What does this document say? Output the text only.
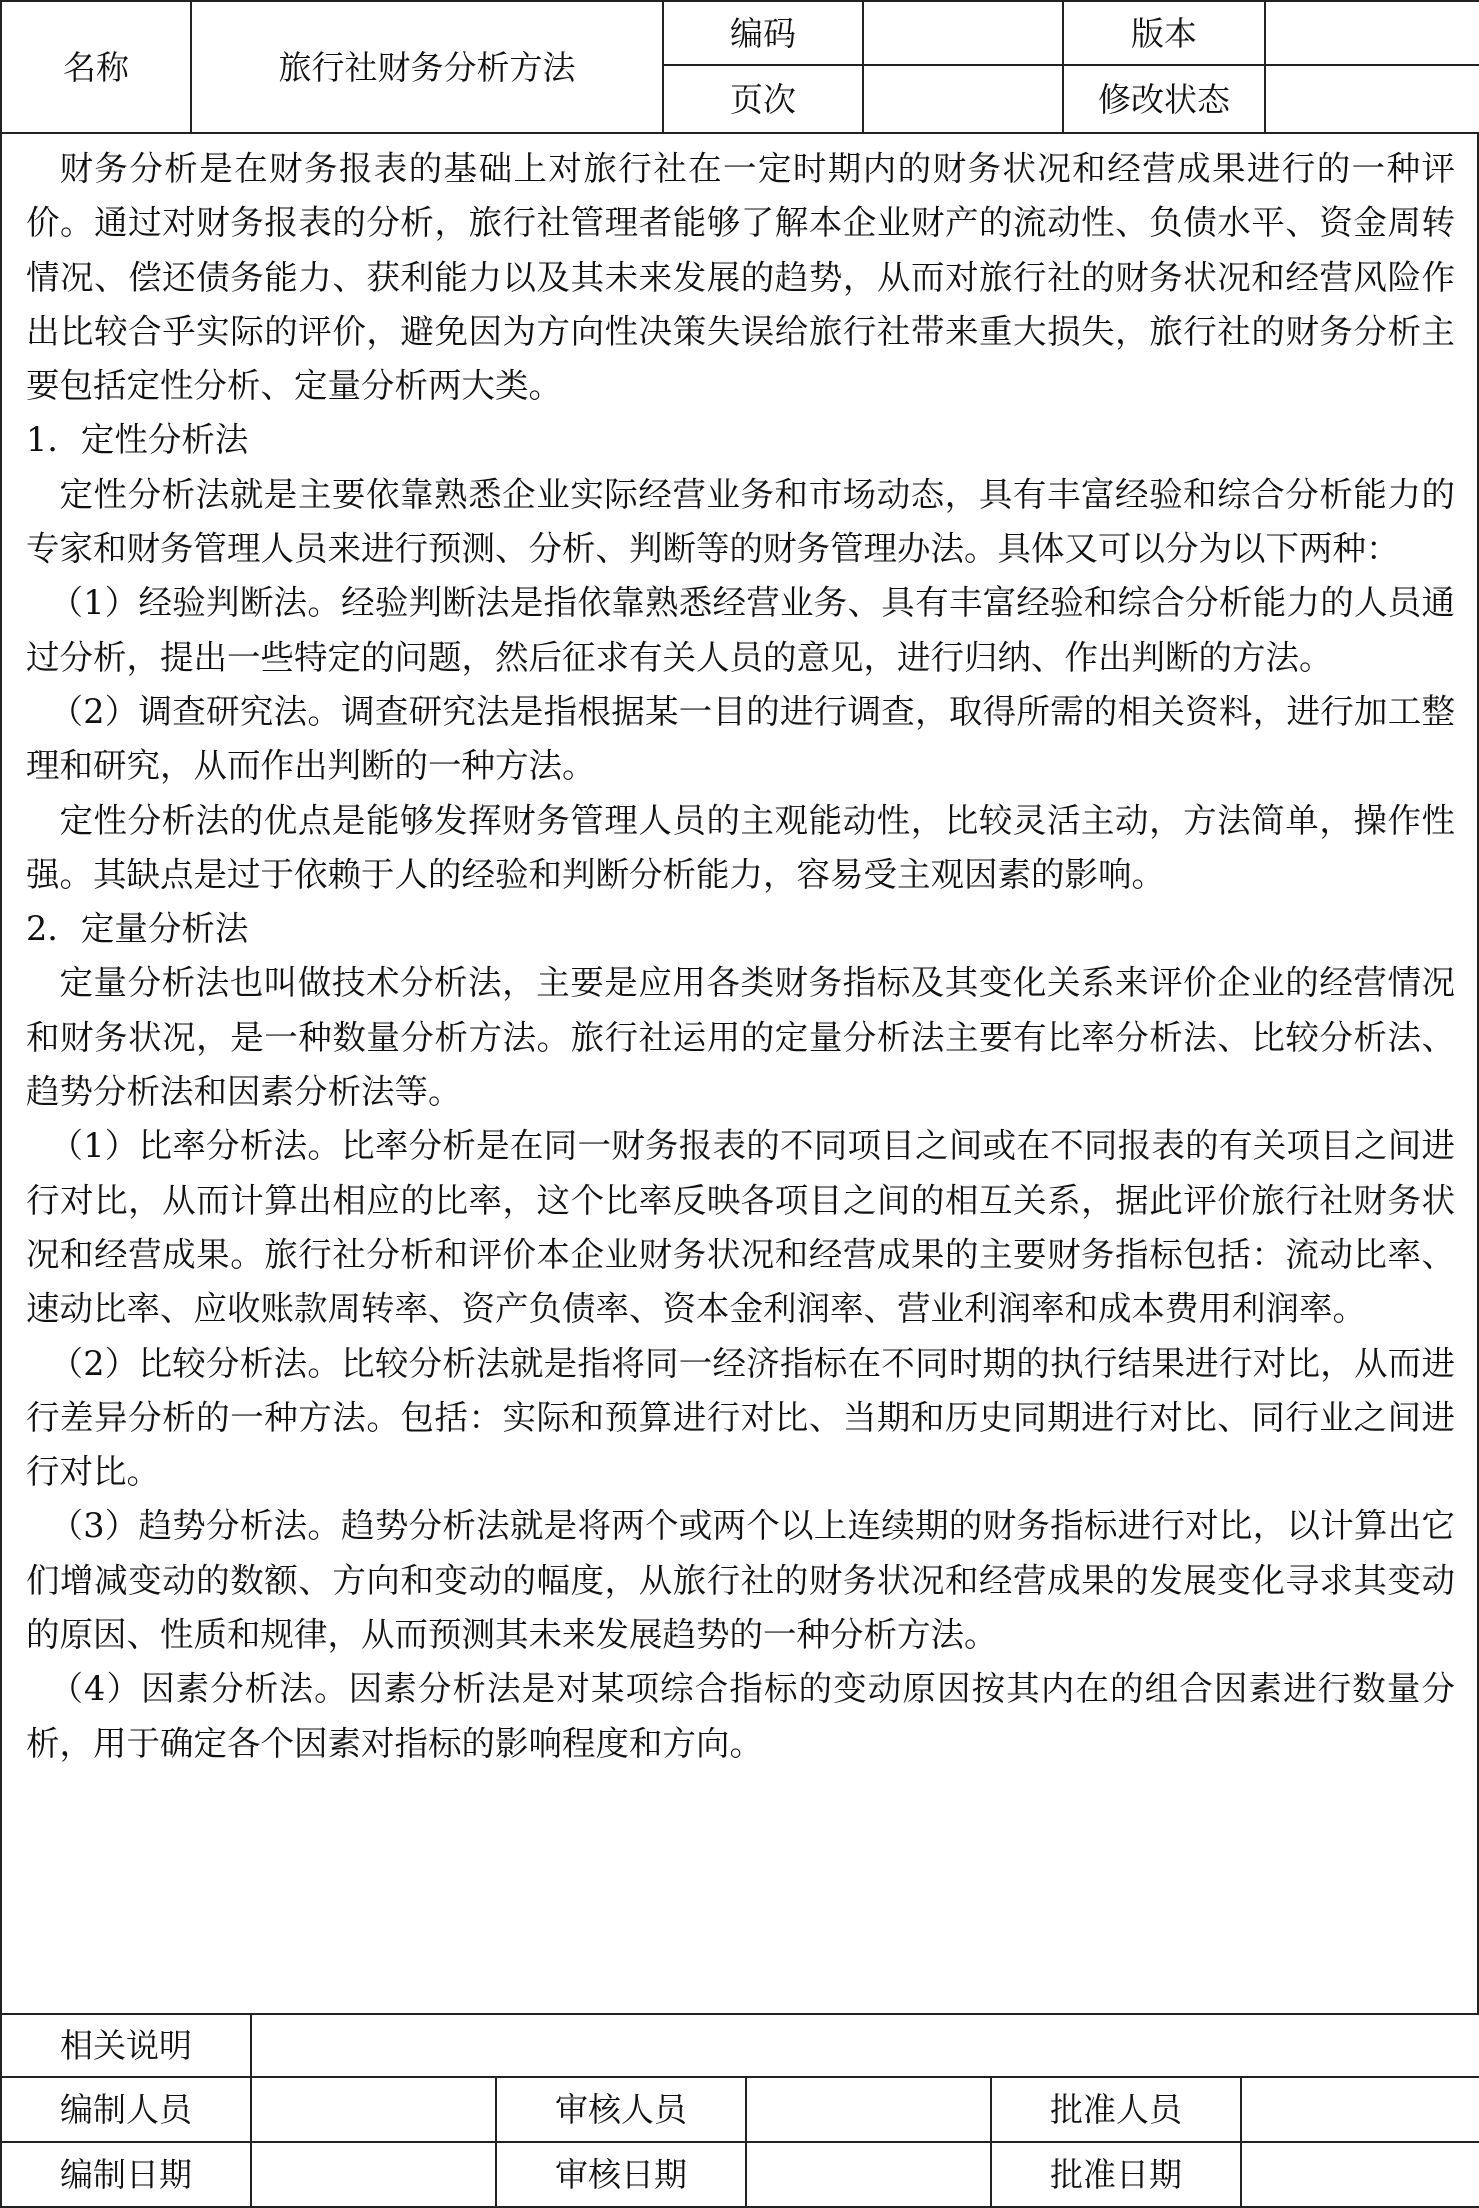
名称	旅行社财务分析方法	编码		版本	
		页次		修改状态	

财务分析是在财务报表的基础上对旅行社在一定时期内的财务状况和经营成果进行的一种评价。通过对财务报表的分析，旅行社管理者能够了解本企业财产的流动性、负债水平、资金周转情况、偿还债务能力、获利能力以及其未来发展的趋势，从而对旅行社的财务状况和经营风险作出比较合乎实际的评价，避免因为方向性决策失误给旅行社带来重大损失，旅行社的财务分析主要包括定性分析、定量分析两大类。

1．定性分析法

定性分析法就是主要依靠熟悉企业实际经营业务和市场动态，具有丰富经验和综合分析能力的专家和财务管理人员来进行预测、分析、判断等的财务管理办法。具体又可以分为以下两种：

（1）经验判断法。经验判断法是指依靠熟悉经营业务、具有丰富经验和综合分析能力的人员通过分析，提出一些特定的问题，然后征求有关人员的意见，进行归纳、作出判断的方法。

（2）调查研究法。调查研究法是指根据某一目的进行调查，取得所需的相关资料，进行加工整理和研究，从而作出判断的一种方法。

定性分析法的优点是能够发挥财务管理人员的主观能动性，比较灵活主动，方法简单，操作性强。其缺点是过于依赖于人的经验和判断分析能力，容易受主观因素的影响。

2．定量分析法

定量分析法也叫做技术分析法，主要是应用各类财务指标及其变化关系来评价企业的经营情况和财务状况，是一种数量分析方法。旅行社运用的定量分析法主要有比率分析法、比较分析法、趋势分析法和因素分析法等。

（1）比率分析法。比率分析是在同一财务报表的不同项目之间或在不同报表的有关项目之间进行对比，从而计算出相应的比率，这个比率反映各项目之间的相互关系，据此评价旅行社财务状况和经营成果。旅行社分析和评价本企业财务状况和经营成果的主要财务指标包括：流动比率、速动比率、应收账款周转率、资产负债率、资本金利润率、营业利润率和成本费用利润率。

（2）比较分析法。比较分析法就是指将同一经济指标在不同时期的执行结果进行对比，从而进行差异分析的一种方法。包括：实际和预算进行对比、当期和历史同期进行对比、同行业之间进行对比。

（3）趋势分析法。趋势分析法就是将两个或两个以上连续期的财务指标进行对比，以计算出它们增减变动的数额、方向和变动的幅度，从旅行社的财务状况和经营成果的发展变化寻求其变动的原因、性质和规律，从而预测其未来发展趋势的一种分析方法。

（4）因素分析法。因素分析法是对某项综合指标的变动原因按其内在的组合因素进行数量分析，用于确定各个因素对指标的影响程度和方向。

相关说明					
编制人员		审核人员		批准人员	
编制日期		审核日期		批准日期	
